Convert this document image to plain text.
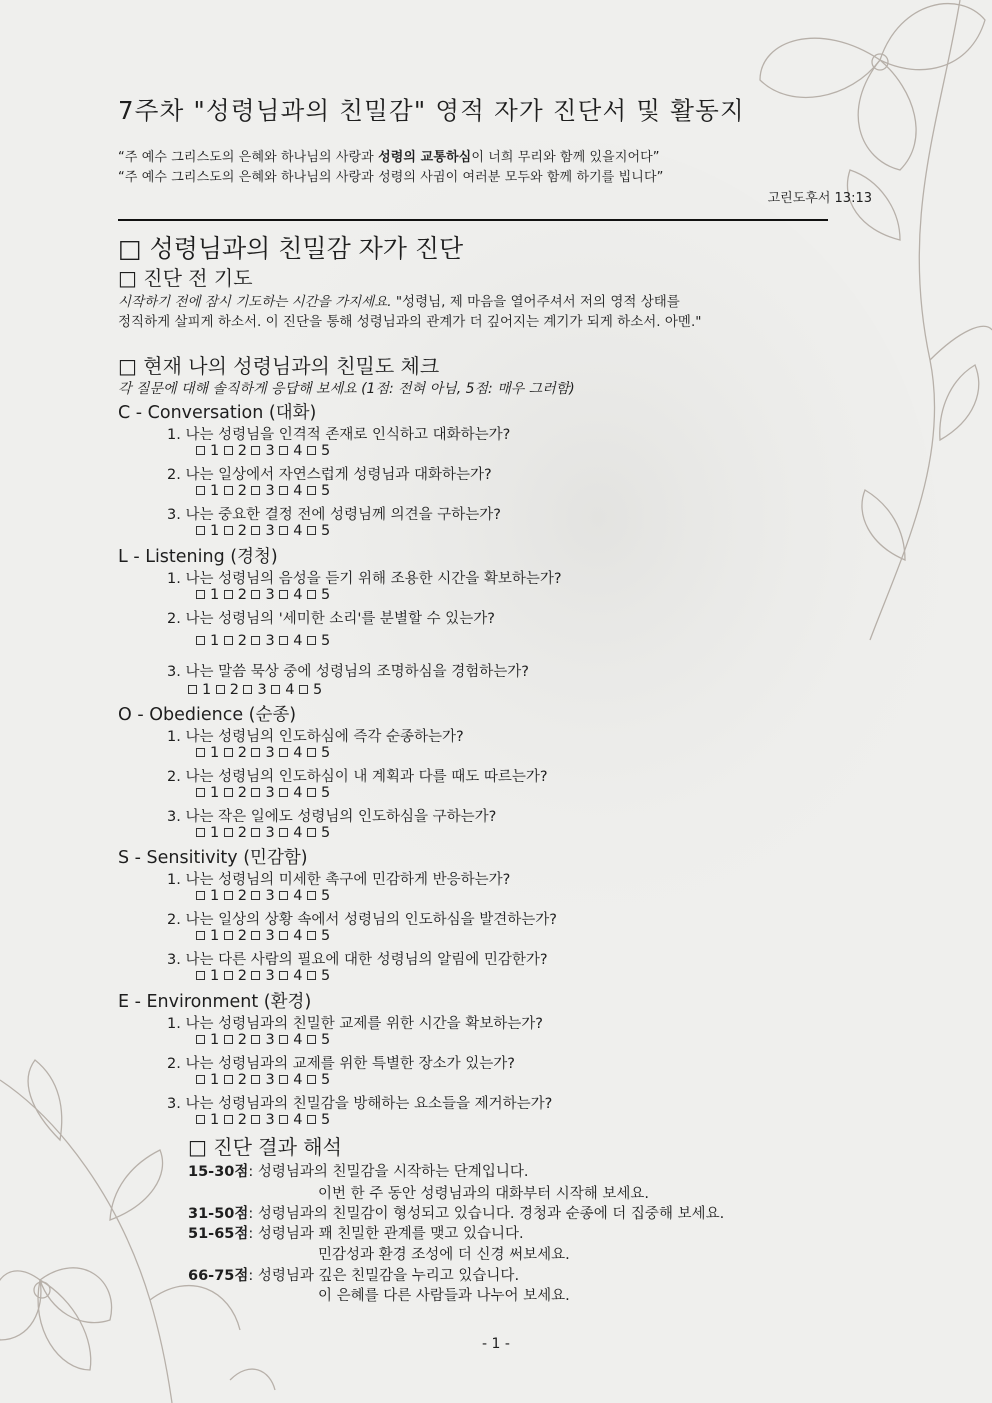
7주차 "성령님과의 친밀감" 영적 자가 진단서 및 활동지
“주 예수 그리스도의 은혜와 하나님의 사랑과 성령의 교통하심이 너희 무리와 함께 있을지어다”
“주 예수 그리스도의 은혜와 하나님의 사랑과 성령의 사귐이 여러분 모두와 함께 하기를 빕니다”
고린도후서 13:13
□ 성령님과의 친밀감 자가 진단
□ 진단 전 기도
시작하기 전에 잠시 기도하는 시간을 가지세요. "성령님, 제 마음을 열어주셔서 저의 영적 상태를
정직하게 살피게 하소서. 이 진단을 통해 성령님과의 관계가 더 깊어지는 계기가 되게 하소서. 아멘."
□ 현재 나의 성령님과의 친밀도 체크
각 질문에 대해 솔직하게 응답해 보세요 (1점: 전혀 아님, 5점: 매우 그러함)
C - Conversation (대화)
1. 나는 성령님을 인격적 존재로 인식하고 대화하는가?
1 2 3 4 5
2. 나는 일상에서 자연스럽게 성령님과 대화하는가?
1 2 3 4 5
3. 나는 중요한 결정 전에 성령님께 의견을 구하는가?
1 2 3 4 5
L - Listening (경청)
1. 나는 성령님의 음성을 듣기 위해 조용한 시간을 확보하는가?
1 2 3 4 5
2. 나는 성령님의 '세미한 소리'를 분별할 수 있는가?
1 2 3 4 5
3. 나는 말씀 묵상 중에 성령님의 조명하심을 경험하는가?
1 2 3 4 5
O - Obedience (순종)
1. 나는 성령님의 인도하심에 즉각 순종하는가?
1 2 3 4 5
2. 나는 성령님의 인도하심이 내 계획과 다를 때도 따르는가?
1 2 3 4 5
3. 나는 작은 일에도 성령님의 인도하심을 구하는가?
1 2 3 4 5
S - Sensitivity (민감함)
1. 나는 성령님의 미세한 촉구에 민감하게 반응하는가?
1 2 3 4 5
2. 나는 일상의 상황 속에서 성령님의 인도하심을 발견하는가?
1 2 3 4 5
3. 나는 다른 사람의 필요에 대한 성령님의 알림에 민감한가?
1 2 3 4 5
E - Environment (환경)
1. 나는 성령님과의 친밀한 교제를 위한 시간을 확보하는가?
1 2 3 4 5
2. 나는 성령님과의 교제를 위한 특별한 장소가 있는가?
1 2 3 4 5
3. 나는 성령님과의 친밀감을 방해하는 요소들을 제거하는가?
1 2 3 4 5
□ 진단 결과 해석
15-30점: 성령님과의 친밀감을 시작하는 단계입니다.
이번 한 주 동안 성령님과의 대화부터 시작해 보세요.
31-50점: 성령님과의 친밀감이 형성되고 있습니다. 경청과 순종에 더 집중해 보세요.
51-65점: 성령님과 꽤 친밀한 관계를 맺고 있습니다.
민감성과 환경 조성에 더 신경 써보세요.
66-75점: 성령님과 깊은 친밀감을 누리고 있습니다.
이 은혜를 다른 사람들과 나누어 보세요.
- 1 -
